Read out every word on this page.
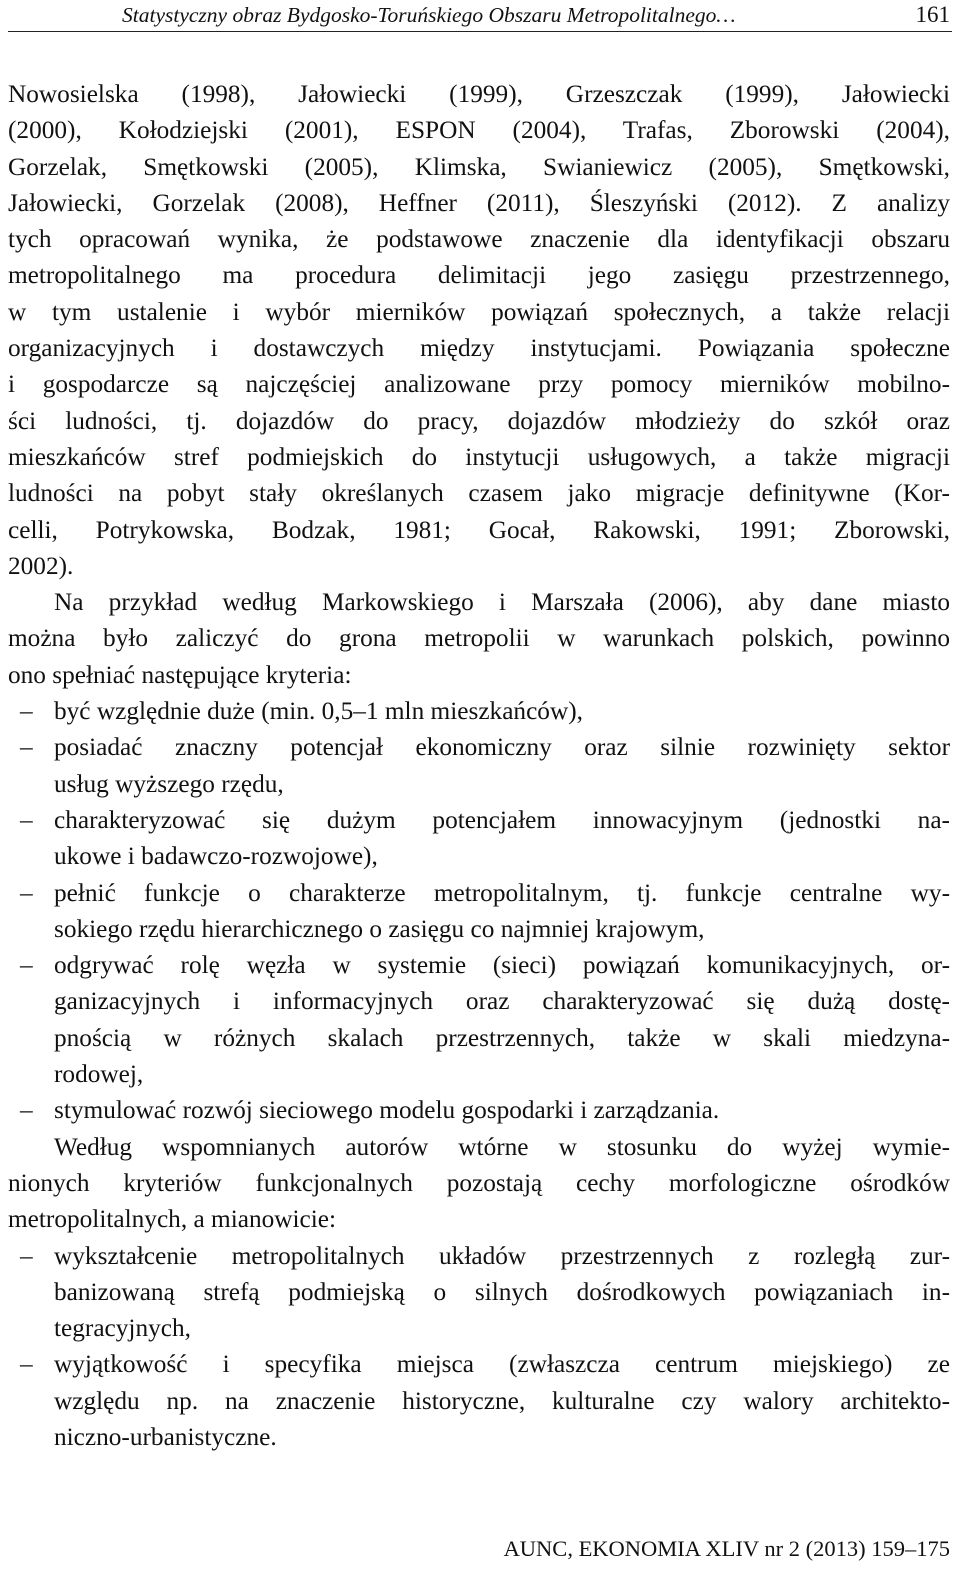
Statystyczny obraz Bydgosko-Toruńskiego Obszaru Metropolitalnego…	161
Nowosielska (1998), Jałowiecki (1999), Grzeszczak (1999), Jałowiecki
(2000), Kołodziejski (2001), ESPON (2004), Trafas, Zborowski (2004),
Gorzelak, Smętkowski (2005), Klimska, Swianiewicz (2005), Smętkowski,
Jałowiecki, Gorzelak (2008), Heffner (2011), Śleszyński (2012). Z analizy
tych opracowań wynika, że podstawowe znaczenie dla identyfikacji obszaru
metropolitalnego ma procedura delimitacji jego zasięgu przestrzennego,
w tym ustalenie i wybór mierników powiązań społecznych, a także relacji
organizacyjnych i dostawczych między instytucjami. Powiązania społeczne
i gospodarcze są najczęściej analizowane przy pomocy mierników mobilno-
ści ludności, tj. dojazdów do pracy, dojazdów młodzieży do szkół oraz
mieszkańców stref podmiejskich do instytucji usługowych, a także migracji
ludności na pobyt stały określanych czasem jako migracje definitywne (Kor-
celli, Potrykowska, Bodzak, 1981; Gocał, Rakowski, 1991; Zborowski,
2002).
Na przykład według Markowskiego i Marszała (2006), aby dane miasto
można było zaliczyć do grona metropolii w warunkach polskich, powinno
ono spełniać następujące kryteria:
– być względnie duże (min. 0,5–1 mln mieszkańców),
– posiadać znaczny potencjał ekonomiczny oraz silnie rozwinięty sektor
usług wyższego rzędu,
– charakteryzować się dużym potencjałem innowacyjnym (jednostki na-
ukowe i badawczo-rozwojowe),
– pełnić funkcje o charakterze metropolitalnym, tj. funkcje centralne wy-
sokiego rzędu hierarchicznego o zasięgu co najmniej krajowym,
– odgrywać rolę węzła w systemie (sieci) powiązań komunikacyjnych, or-
ganizacyjnych i informacyjnych oraz charakteryzować się dużą dostę-
pnością w różnych skalach przestrzennych, także w skali miedzyna-
rodowej,
– stymulować rozwój sieciowego modelu gospodarki i zarządzania.
Według wspomnianych autorów wtórne w stosunku do wyżej wymie-
nionych kryteriów funkcjonalnych pozostają cechy morfologiczne ośrodków
metropolitalnych, a mianowicie:
– wykształcenie metropolitalnych układów przestrzennych z rozległą zur-
banizowaną strefą podmiejską o silnych dośrodkowych powiązaniach in-
tegracyjnych,
– wyjątkowość i specyfika miejsca (zwłaszcza centrum miejskiego) ze
względu np. na znaczenie historyczne, kulturalne czy walory architekto-
niczno-urbanistyczne.
AUNC, EKONOMIA XLIV nr 2 (2013) 159–175
